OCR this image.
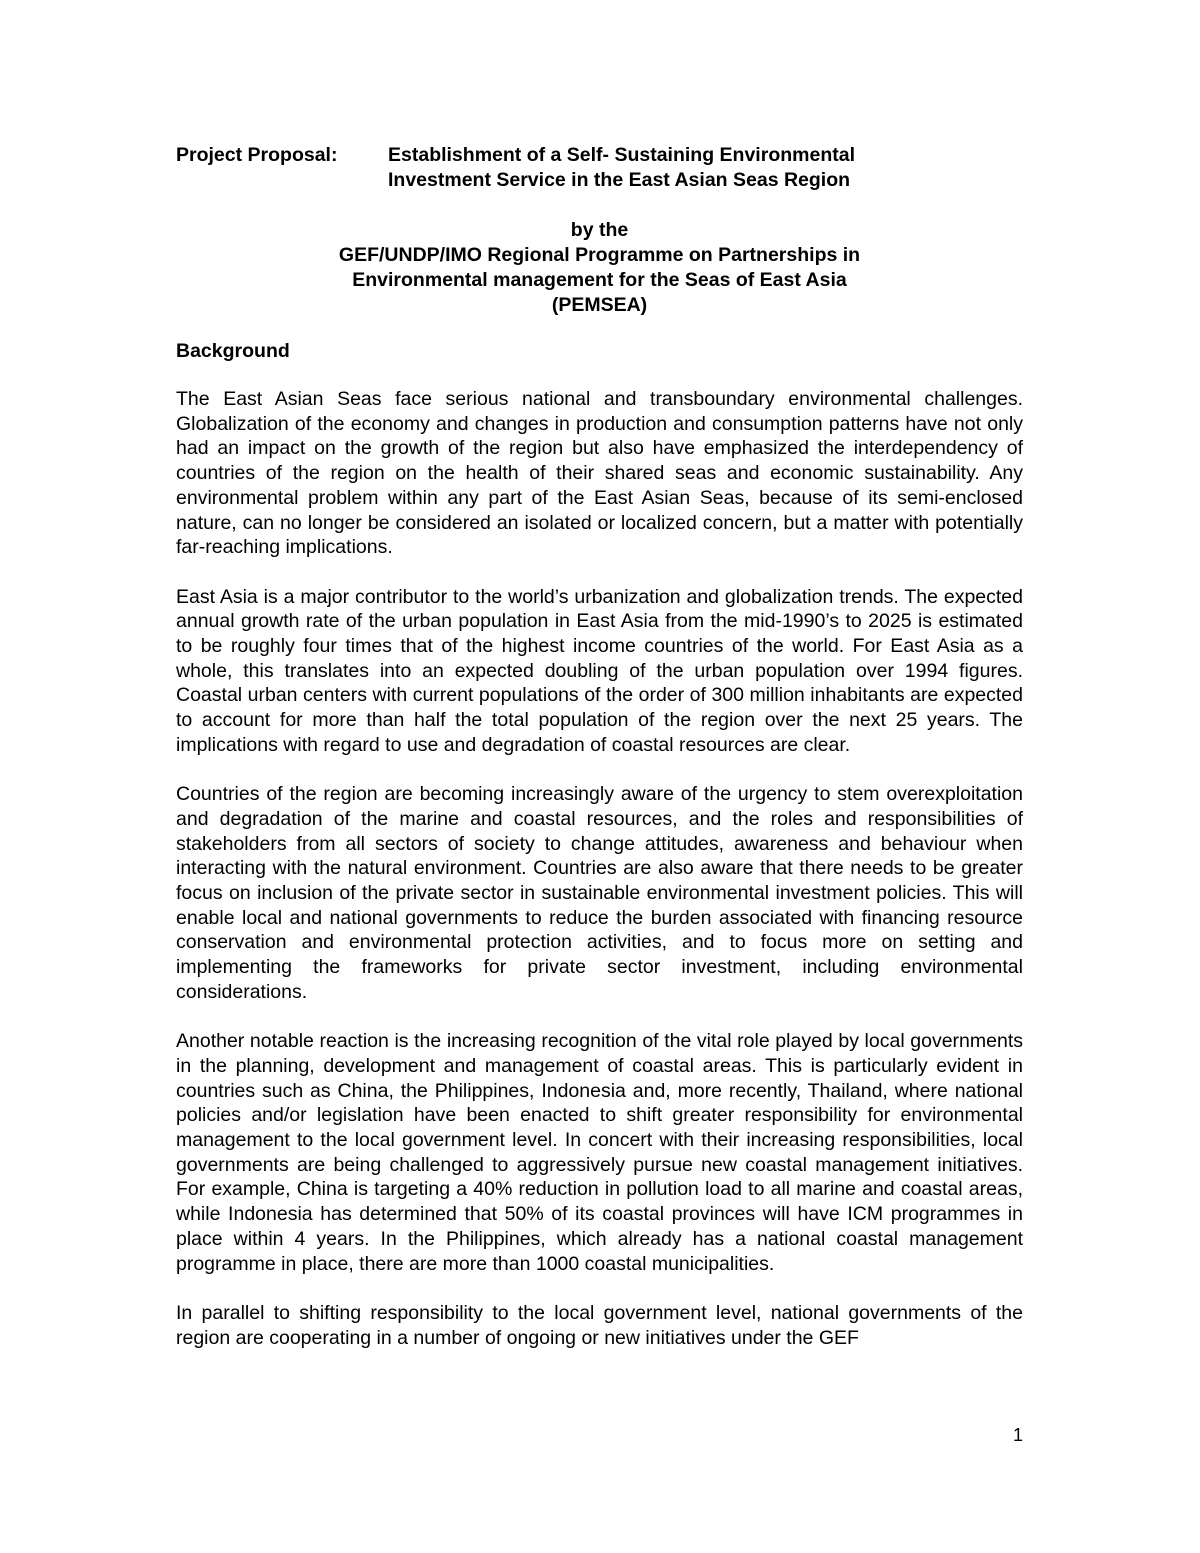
Project Proposal:	Establishment of a Self- Sustaining Environmental
Investment Service in the East Asian Seas Region
by the
GEF/UNDP/IMO Regional Programme on Partnerships in
Environmental management for the Seas of East Asia
(PEMSEA)
Background

The East Asian Seas face serious national and transboundary environmental challenges. Globalization of the economy and changes in production and consumption patterns have not only had an impact on the growth of the region but also have emphasized the interdependency of countries of the region on the health of their shared seas and economic sustainability. Any environmental problem within any part of the East Asian Seas, because of its semi-enclosed nature, can no longer be considered an isolated or localized concern, but a matter with potentially far-reaching implications.

East Asia is a major contributor to the world’s urbanization and globalization trends. The expected annual growth rate of the urban population in East Asia from the mid-1990’s to 2025 is estimated to be roughly four times that of the highest income countries of the world. For East Asia as a whole, this translates into an expected doubling of the urban population over 1994 figures. Coastal urban centers with current populations of the order of 300 million inhabitants are expected to account for more than half the total population of the region over the next 25 years. The implications with regard to use and degradation of coastal resources are clear.

Countries of the region are becoming increasingly aware of the urgency to stem overexploitation and degradation of the marine and coastal resources, and the roles and responsibilities of stakeholders from all sectors of society to change attitudes, awareness and behaviour when interacting with the natural environment. Countries are also aware that there needs to be greater focus on inclusion of the private sector in sustainable environmental investment policies. This will enable local and national governments to reduce the burden associated with financing resource conservation and environmental protection activities, and to focus more on setting and implementing the frameworks for private sector investment, including environmental considerations.

Another notable reaction is the increasing recognition of the vital role played by local governments in the planning, development and management of coastal areas. This is particularly evident in countries such as China, the Philippines, Indonesia and, more recently, Thailand, where national policies and/or legislation have been enacted to shift greater responsibility for environmental management to the local government level. In concert with their increasing responsibilities, local governments are being challenged to aggressively pursue new coastal management initiatives. For example, China is targeting a 40% reduction in pollution load to all marine and coastal areas, while Indonesia has determined that 50% of its coastal provinces will have ICM programmes in place within 4 years. In the Philippines, which already has a national coastal management programme in place, there are more than 1000 coastal municipalities.

In parallel to shifting responsibility to the local government level, national governments of the region are cooperating in a number of ongoing or new initiatives under the GEF

1
